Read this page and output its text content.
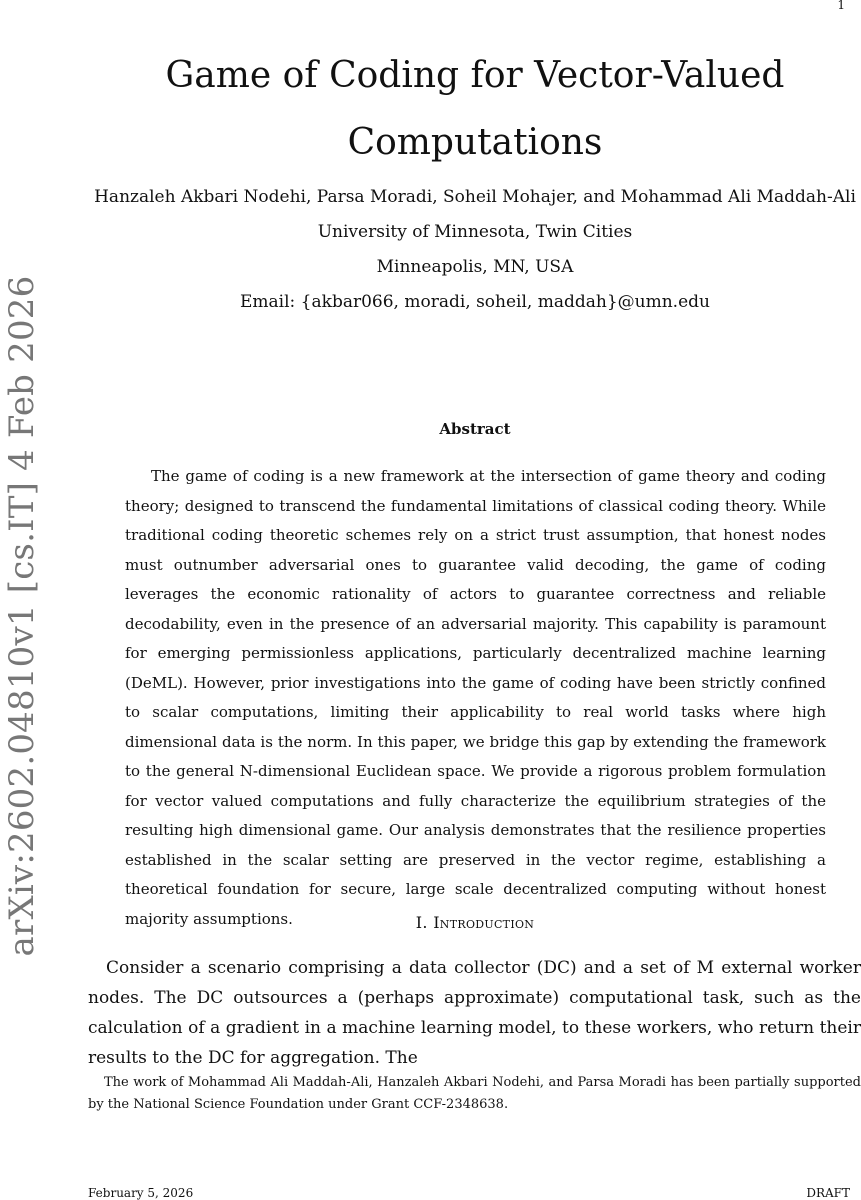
1
arXiv:2602.04810v1 [cs.IT] 4 Feb 2026
Game of Coding for Vector-Valued Computations
Hanzaleh Akbari Nodehi, Parsa Moradi, Soheil Mohajer, and Mohammad Ali Maddah-Ali
University of Minnesota, Twin Cities
Minneapolis, MN, USA
Email: {akbar066, moradi, soheil, maddah}@umn.edu
Abstract

The game of coding is a new framework at the intersection of game theory and coding theory; designed to transcend the fundamental limitations of classical coding theory. While traditional coding theoretic schemes rely on a strict trust assumption, that honest nodes must outnumber adversarial ones to guarantee valid decoding, the game of coding leverages the economic rationality of actors to guarantee correctness and reliable decodability, even in the presence of an adversarial majority. This capability is paramount for emerging permissionless applications, particularly decentralized machine learning (DeML). However, prior investigations into the game of coding have been strictly confined to scalar computations, limiting their applicability to real world tasks where high dimensional data is the norm. In this paper, we bridge this gap by extending the framework to the general N-dimensional Euclidean space. We provide a rigorous problem formulation for vector valued computations and fully characterize the equilibrium strategies of the resulting high dimensional game. Our analysis demonstrates that the resilience properties established in the scalar setting are preserved in the vector regime, establishing a theoretical foundation for secure, large scale decentralized computing without honest majority assumptions.	I. Introduction

Consider a scenario comprising a data collector (DC) and a set of M external worker nodes. The DC outsources a (perhaps approximate) computational task, such as the calculation of a gradient in a machine learning model, to these workers, who return their results to the DC for aggregation. The

The work of Mohammad Ali Maddah-Ali, Hanzaleh Akbari Nodehi, and Parsa Moradi has been partially supported by the National Science Foundation under Grant CCF-2348638.

February 5, 2026	DRAFT
